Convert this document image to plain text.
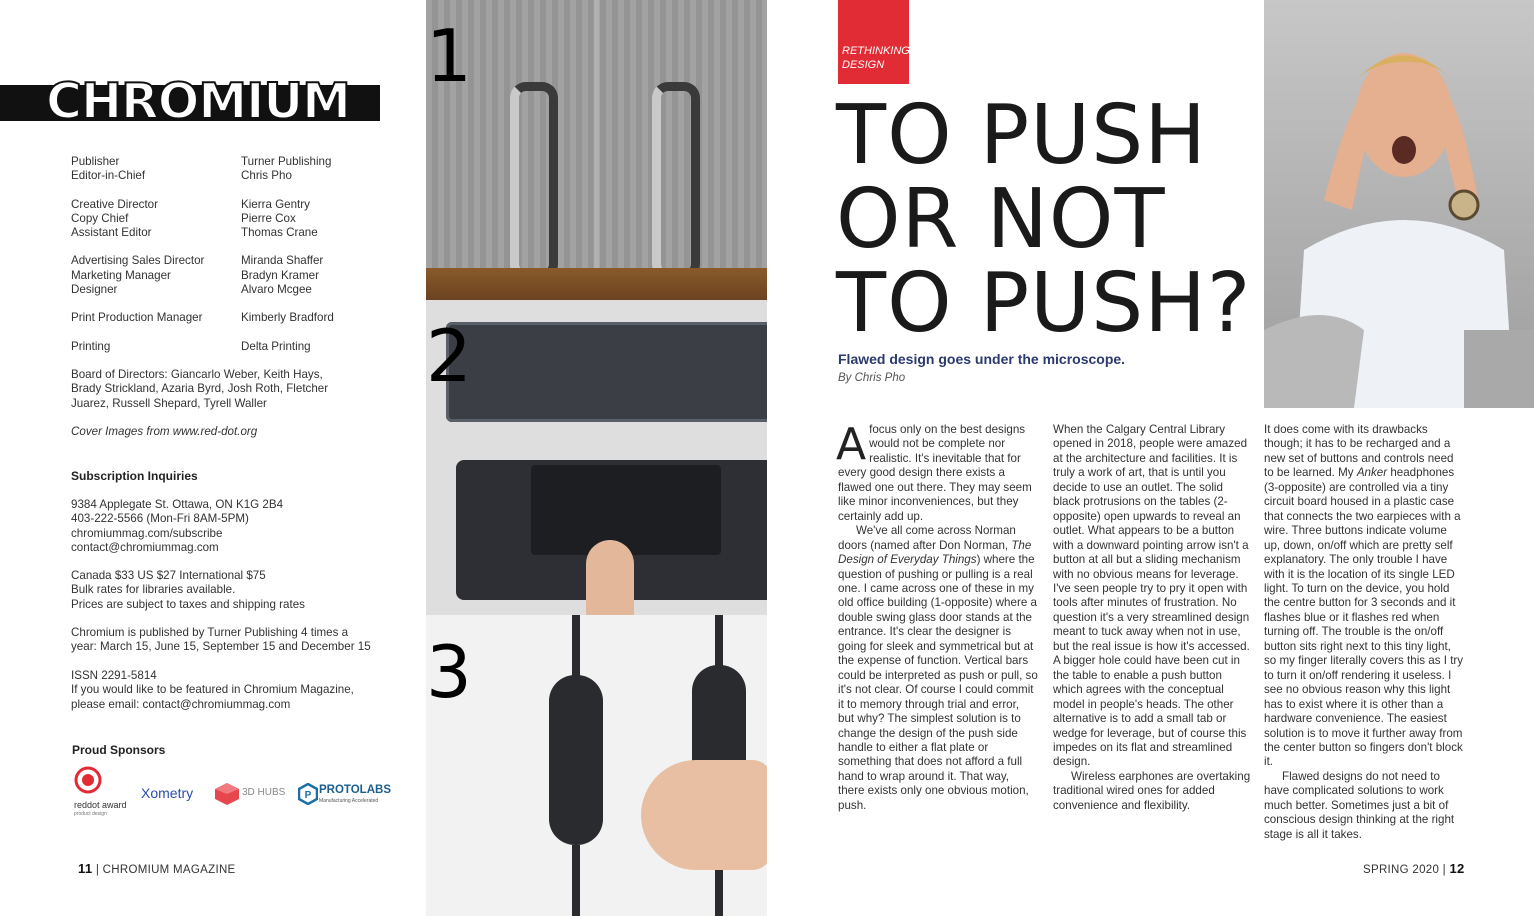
CHROMIUM
Publisher	Turner Publishing
Editor-in-Chief	Chris Pho
Creative Director	Kierra Gentry
Copy Chief	Pierre Cox
Assistant Editor	Thomas Crane
Advertising Sales Director	Miranda Shaffer
Marketing Manager	Bradyn Kramer
Designer	Alvaro Mcgee
Print Production Manager	Kimberly Bradford
Printing	Delta Printing
Board of Directors: Giancarlo Weber, Keith Hays,
Brady Strickland, Azaria Byrd, Josh Roth, Fletcher
Juarez, Russell Shepard, Tyrell Waller
Cover Images from www.red-dot.org
Subscription Inquiries
9384 Applegate St. Ottawa, ON K1G 2B4
403-222-5566 (Mon-Fri 8AM-5PM)
chromiummag.com/subscribe
contact@chromiummag.com
Canada $33 US $27 International $75
Bulk rates for libraries available.
Prices are subject to taxes and shipping rates
Chromium is published by Turner Publishing 4 times a
year: March 15, June 15, September 15 and December 15
ISSN 2291-5814
If you would like to be featured in Chromium Magazine,
please email: contact@chromiummag.com
Proud Sponsors
reddot award
product design
Xometry	3D HUBS P PROTOLABS
Manufacturing Accelerated
11 | CHROMIUM MAGAZINE
1
2
3
RETHINKING
DESIGN
TO PUSH
OR NOT
TO PUSH?
Flawed design goes under the microscope.
By Chris Pho

Afocus only on the best designs would not be complete nor realistic. It's inevitable that for every good design there exists a flawed one out there. They may seem like minor inconveniences, but they certainly add up.

We've all come across Norman doors (named after Don Norman, The Design of Everyday Things) where the question of pushing or pulling is a real one. I came across one of these in my old office building (1-opposite) where a double swing glass door stands at the entrance. It's clear the designer is going for sleek and symmetrical but at the expense of function. Vertical bars could be interpreted as push or pull, so it's not clear. Of course I could commit it to memory through trial and error, but why? The simplest solution is to change the design of the push side handle to either a flat plate or something that does not afford a full hand to wrap around it. That way, there exists only one obvious motion, push.

When the Calgary Central Library opened in 2018, people were amazed at the architecture and facilities. It is truly a work of art, that is until you decide to use an outlet. The solid black protrusions on the tables (2-opposite) open upwards to reveal an outlet. What appears to be a button with a downward pointing arrow isn't a button at all but a sliding mechanism with no obvious means for leverage. I've seen people try to pry it open with tools after minutes of frustration. No question it's a very streamlined design meant to tuck away when not in use, but the real issue is how it's accessed. A bigger hole could have been cut in the table to enable a push button which agrees with the conceptual model in people's heads. The other alternative is to add a small tab or wedge for leverage, but of course this impedes on its flat and streamlined design.

Wireless earphones are overtaking traditional wired ones for added convenience and flexibility.

It does come with its drawbacks though; it has to be recharged and a new set of buttons and controls need to be learned. My Anker headphones (3-opposite) are controlled via a tiny circuit board housed in a plastic case that connects the two earpieces with a wire. Three buttons indicate volume up, down, on/off which are pretty self explanatory. The only trouble I have with it is the location of its single LED light. To turn on the device, you hold the centre button for 3 seconds and it flashes blue or it flashes red when turning off. The trouble is the on/off button sits right next to this tiny light, so my finger literally covers this as I try to turn it on/off rendering it useless. I see no obvious reason why this light has to exist where it is other than a hardware convenience. The easiest solution is to move it further away from the center button so fingers don't block it.

Flawed designs do not need to have complicated solutions to work much better. Sometimes just a bit of conscious design thinking at the right stage is all it takes.

SPRING 2020 | 12
